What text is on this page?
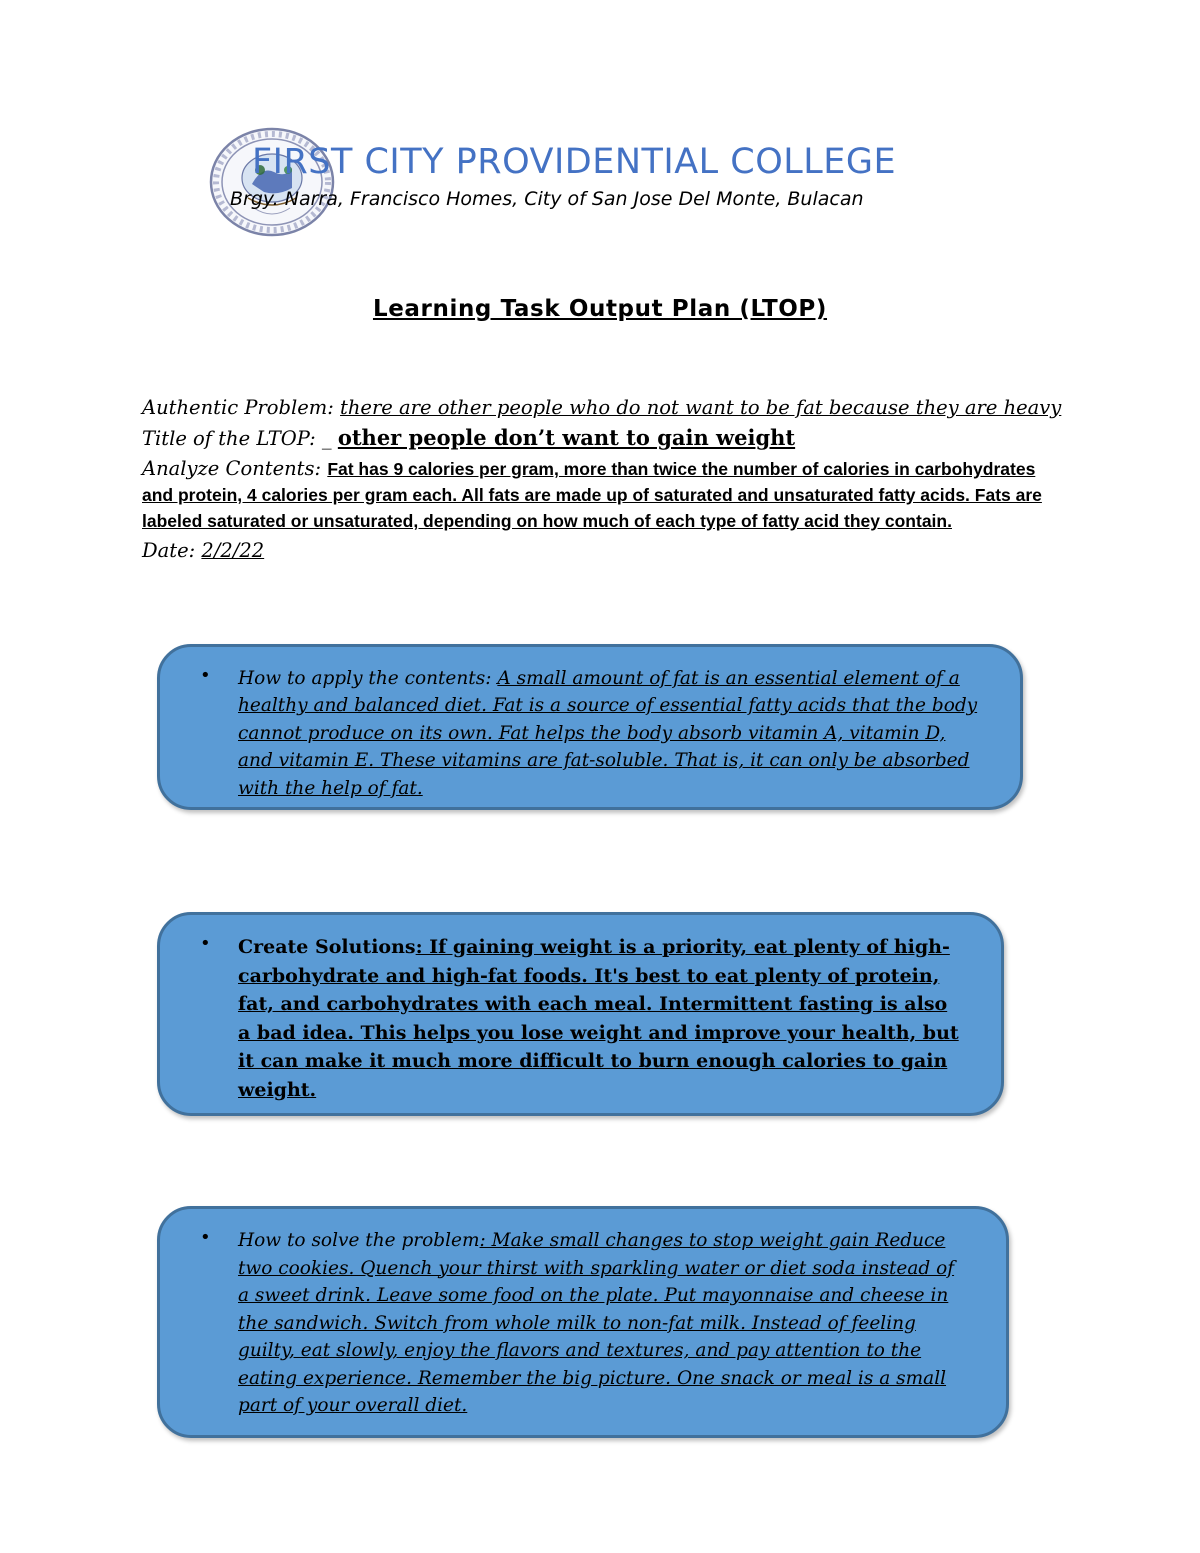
FIRST CITY PROVIDENTIAL COLLEGE
Brgy. Narra, Francisco Homes, City of San Jose Del Monte, Bulacan
Learning Task Output Plan (LTOP)
Authentic Problem: there are other people who do not want to be fat because they are heavy
Title of the LTOP: _ other people don’t want to gain weight
Analyze Contents: Fat has 9 calories per gram, more than twice the number of calories in carbohydrates and protein, 4 calories per gram each. All fats are made up of saturated and unsaturated fatty acids. Fats are labeled saturated or unsaturated, depending on how much of each type of fatty acid they contain.
Date: 2/2/22
• How to apply the contents: A small amount of fat is an essential element of a healthy and balanced diet. Fat is a source of essential fatty acids that the body cannot produce on its own. Fat helps the body absorb vitamin A, vitamin D, and vitamin E. These vitamins are fat-soluble. That is, it can only be absorbed with the help of fat.
• Create Solutions: If gaining weight is a priority, eat plenty of high-carbohydrate and high-fat foods. It's best to eat plenty of protein, fat, and carbohydrates with each meal. Intermittent fasting is also a bad idea. This helps you lose weight and improve your health, but it can make it much more difficult to burn enough calories to gain weight.
• How to solve the problem: Make small changes to stop weight gain Reduce two cookies. Quench your thirst with sparkling water or diet soda instead of a sweet drink. Leave some food on the plate. Put mayonnaise and cheese in the sandwich. Switch from whole milk to non-fat milk. Instead of feeling guilty, eat slowly, enjoy the flavors and textures, and pay attention to the eating experience. Remember the big picture. One snack or meal is a small part of your overall diet.
